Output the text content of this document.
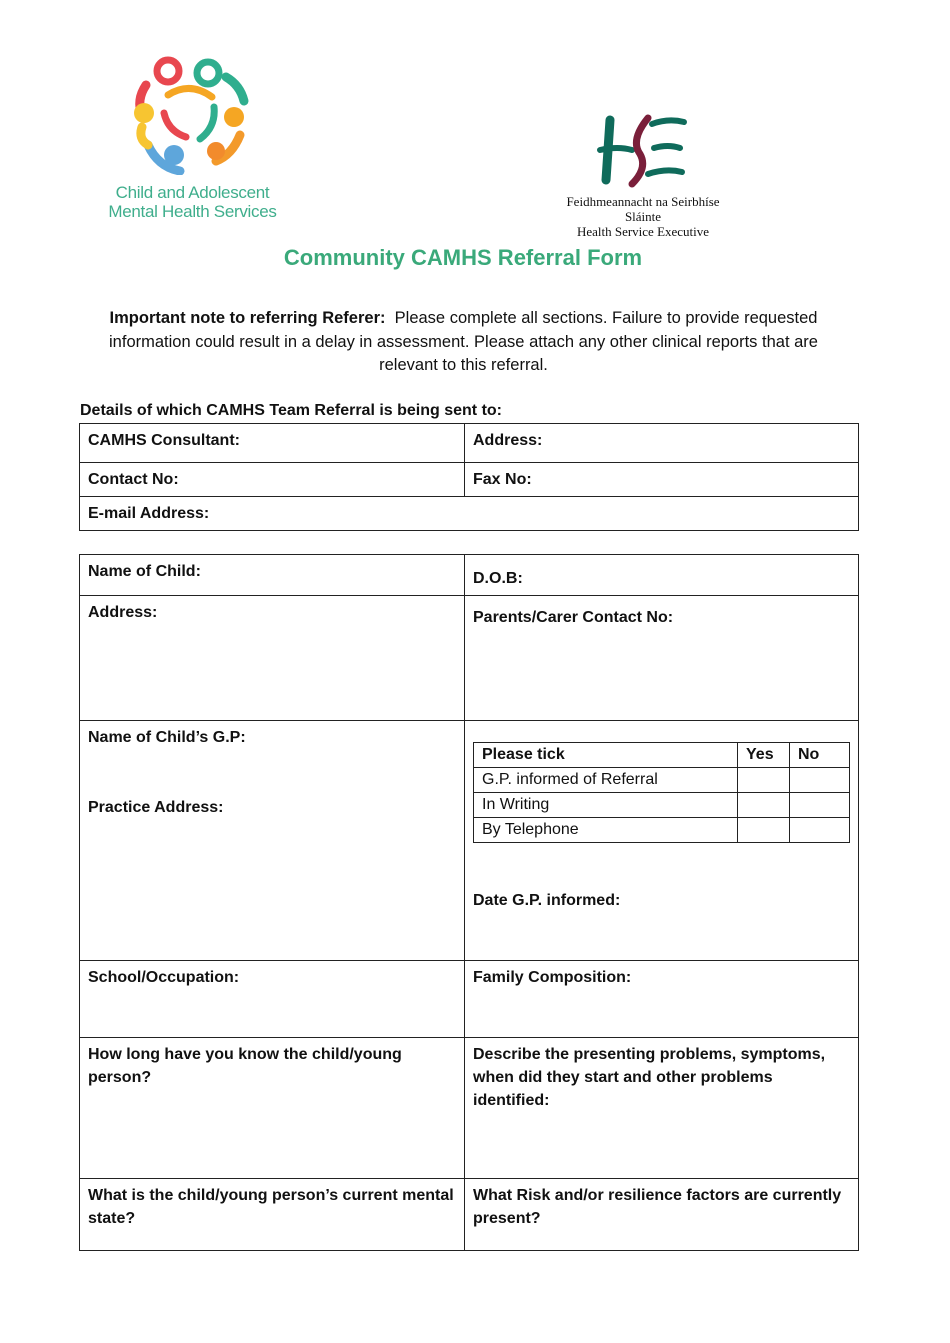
Child and Adolescent
Mental Health Services
Feidhmeannacht na Seirbhíse Sláinte
Health Service Executive
Community CAMHS Referral Form
Important note to referring Referer: Please complete all sections. Failure to provide requested information could result in a delay in assessment. Please attach any other clinical reports that are relevant to this referral.
Details of which CAMHS Team Referral is being sent to:
CAMHS Consultant:	Address:
Contact No:	Fax No:
E-mail Address:	
Name of Child:	D.O.B:
Address:	Parents/Carer Contact No:

Name of Child’s G.P:
Practice Address:

Please tick	Yes	No
G.P. informed of Referral		
In Writing		
By Telephone		
Date G.P. informed:

School/Occupation:	Family Composition:
How long have you know the child/young person?	Describe the presenting problems, symptoms, when did they start and other problems identified:
What is the child/young person’s current mental state?	What Risk and/or resilience factors are currently present?
